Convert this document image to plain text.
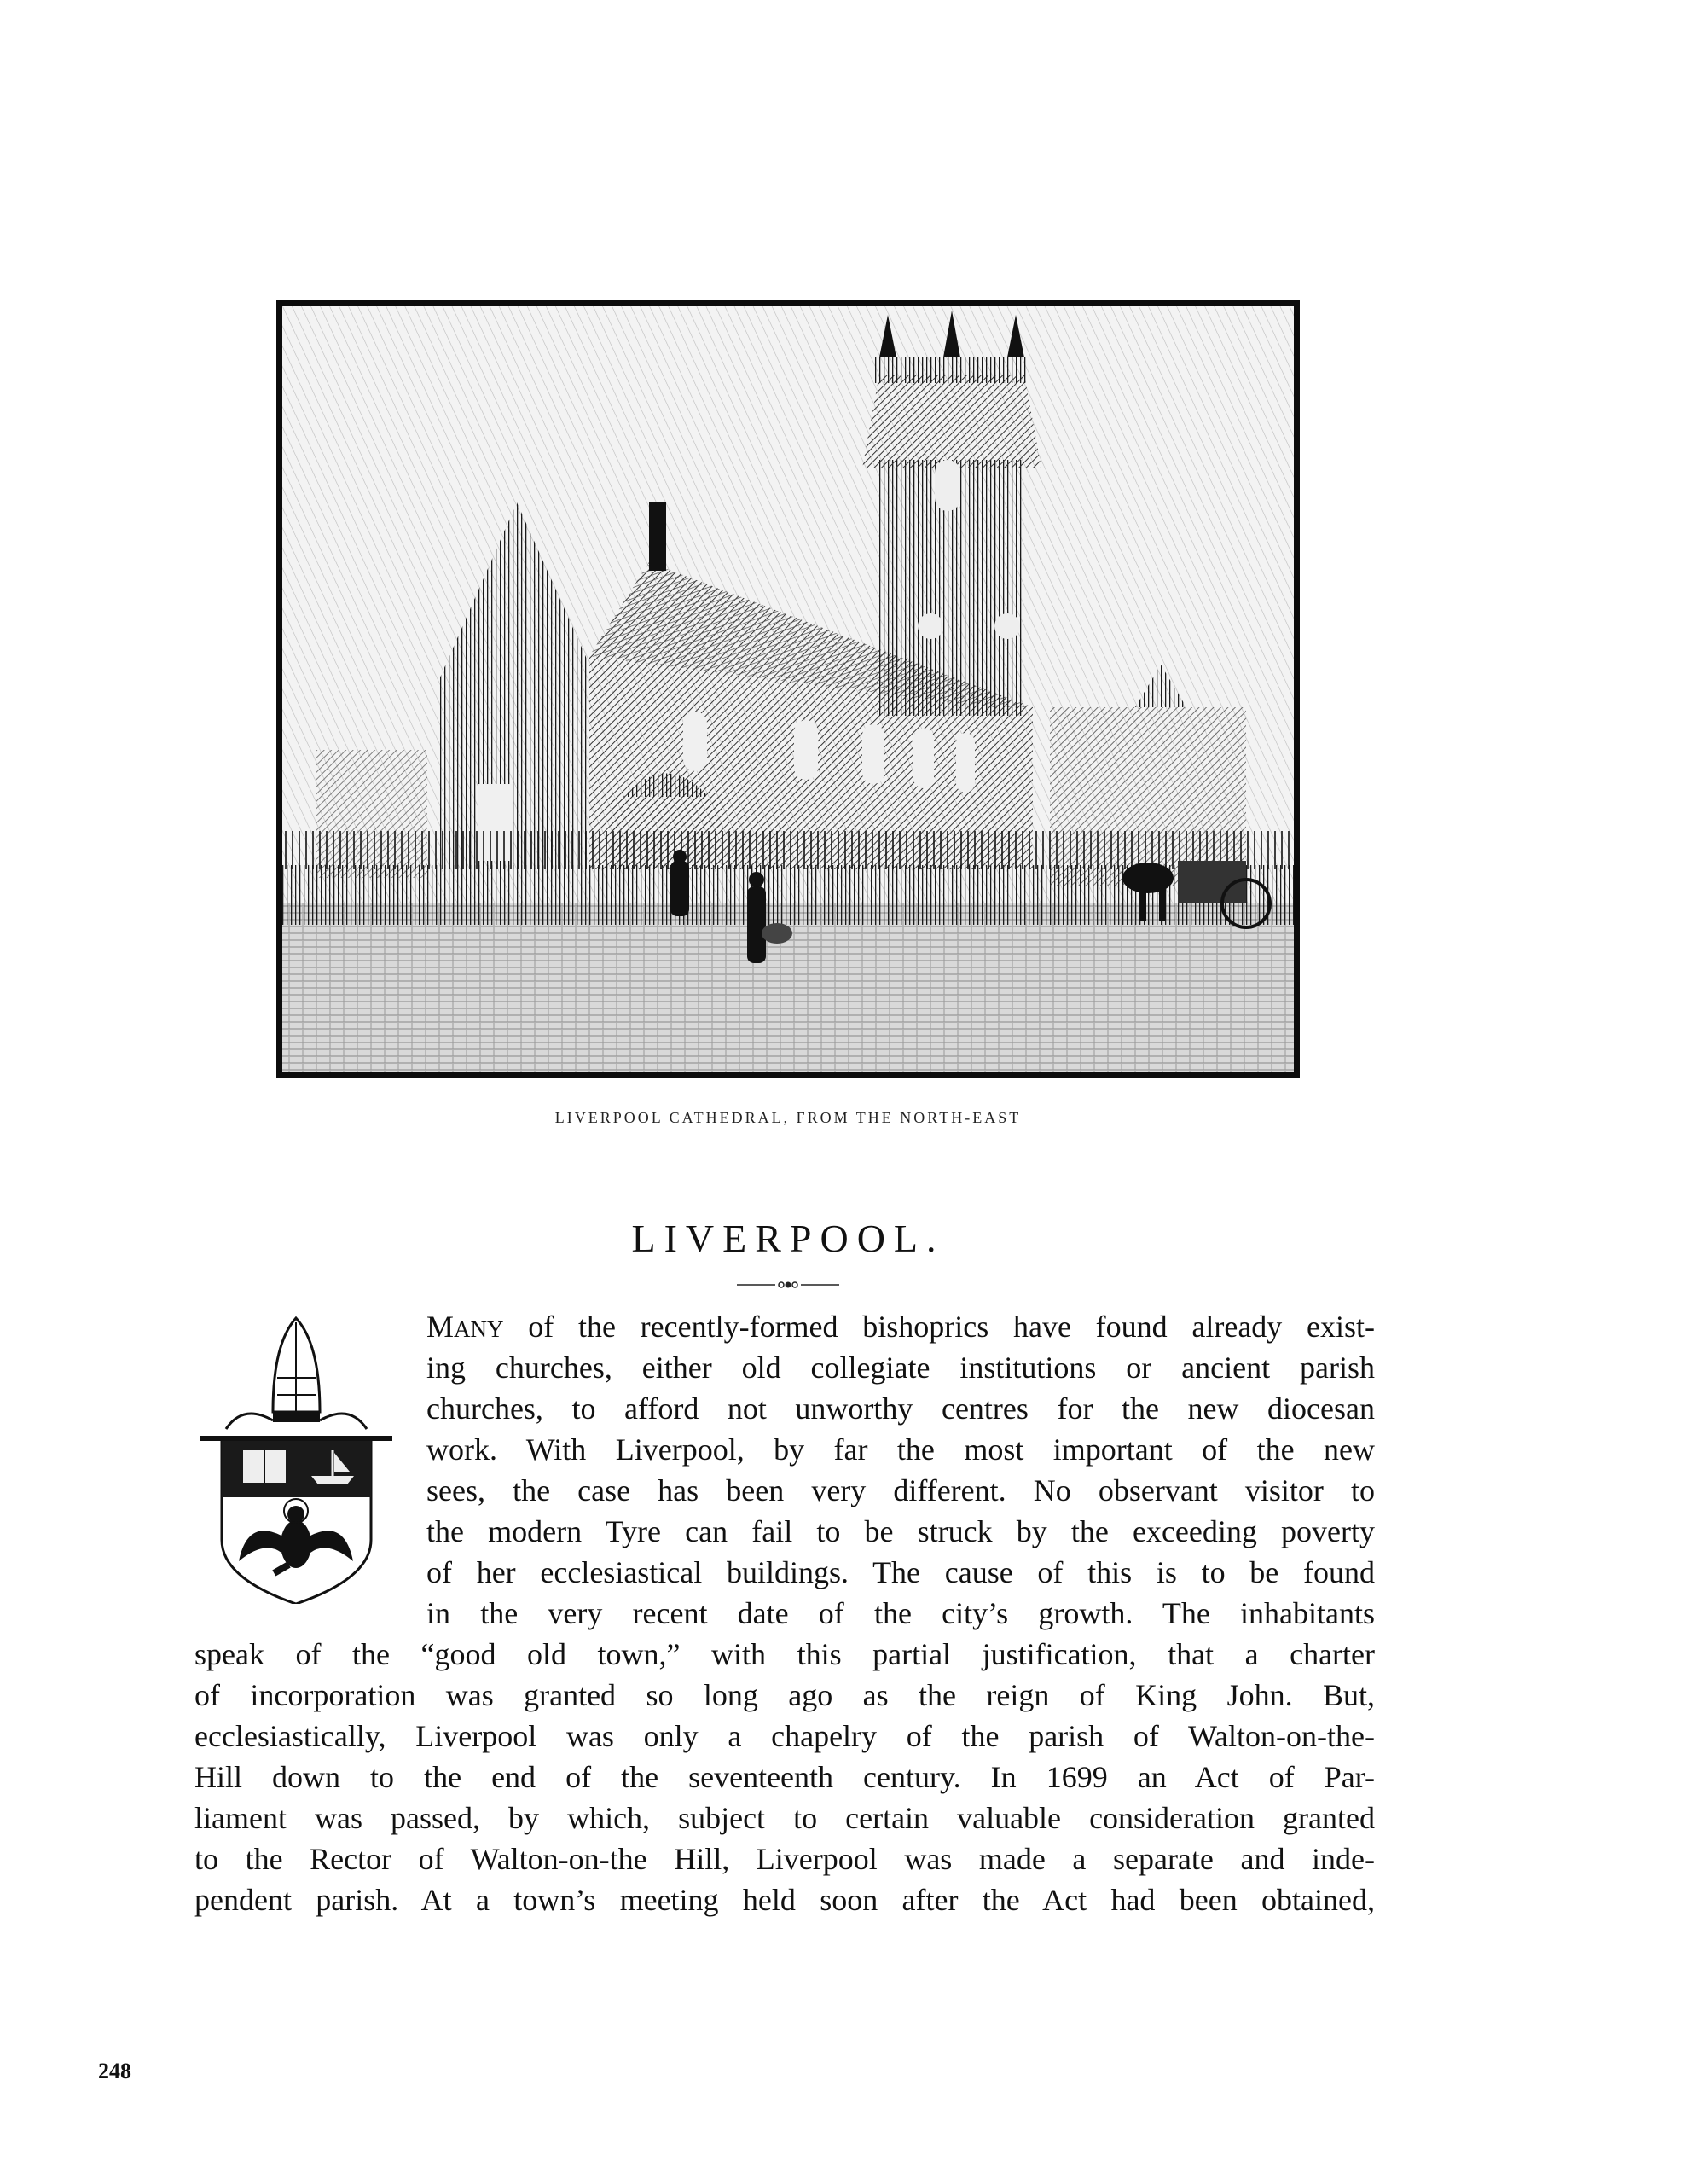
LIVERPOOL CATHEDRAL, FROM THE NORTH-EAST
LIVERPOOL.
MANY of the recently-formed bishoprics have found already exist-
ing churches, either old collegiate institutions or ancient parish
churches, to afford not unworthy centres for the new diocesan
work. With Liverpool, by far the most important of the new
sees, the case has been very different. No observant visitor to
the modern Tyre can fail to be struck by the exceeding poverty
of her ecclesiastical buildings. The cause of this is to be found
in the very recent date of the city’s growth. The inhabitants
speak of the “good old town,” with this partial justification, that a charter
of incorporation was granted so long ago as the reign of King John. But,
ecclesiastically, Liverpool was only a chapelry of the parish of Walton-on-the-
Hill down to the end of the seventeenth century. In 1699 an Act of Par-
liament was passed, by which, subject to certain valuable consideration granted
to the Rector of Walton-on-the Hill, Liverpool was made a separate and inde-
pendent parish. At a town’s meeting held soon after the Act had been obtained,
248
